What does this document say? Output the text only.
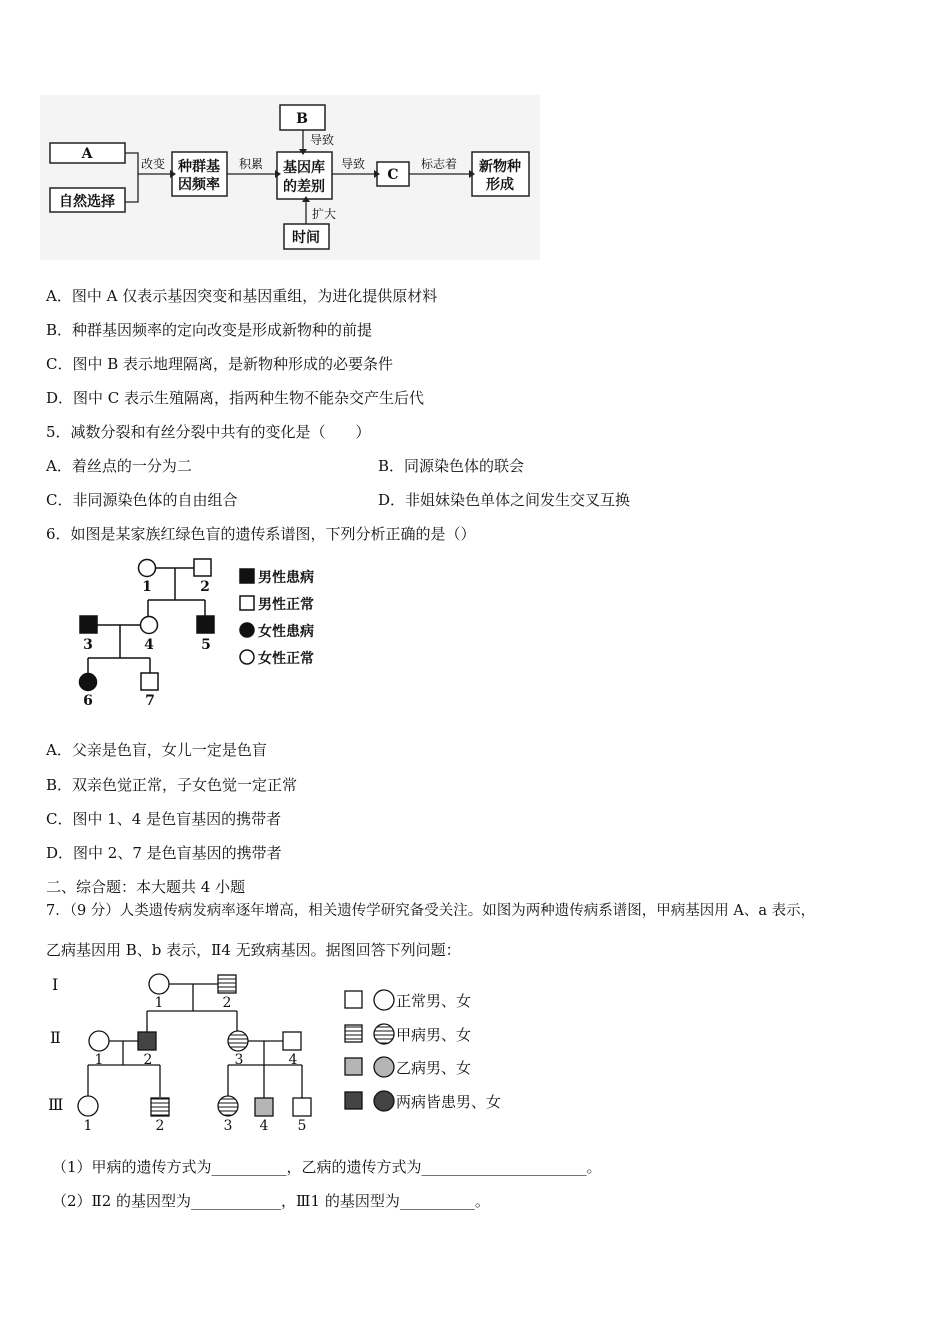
A
自然选择
种群基
因频率
B
基因库
的差别
时间
C	新物种
形成
改变	积累
导致
扩大
导致	标志着
A．图中 A 仅表示基因突变和基因重组，为进化提供原材料
B．种群基因频率的定向改变是形成新物种的前提
C．图中 B 表示地理隔离，是新物种形成的必要条件
D．图中 C 表示生殖隔离，指两种生物不能杂交产生后代
5．减数分裂和有丝分裂中共有的变化是（　　）
A．着丝点的一分为二	B．同源染色体的联会
C．非同源染色体的自由组合	D．非姐妹染色单体之间发生交叉互换
6．如图是某家族红绿色盲的遗传系谱图，下列分析正确的是（）
1	2
3	4	5
6	7
男性患病
男性正常
女性患病
女性正常
A．父亲是色盲，女儿一定是色盲
B．双亲色觉正常，子女色觉一定正常
C．图中 1、4 是色盲基因的携带者
D．图中 2、7 是色盲基因的携带者
二、综合题：本大题共 4 小题
7．（9 分）人类遗传病发病率逐年增高，相关遗传学研究备受关注。如图为两种遗传病系谱图，甲病基因用 A、a 表示，
乙病基因用 B、b 表示，Ⅱ4 无致病基因。据图回答下列问题：
Ⅰ
Ⅱ
Ⅲ
1	2
1	2	3	4
1	2	3 4 5
正常男、女
甲病男、女
乙病男、女
两病皆患男、女
（1）甲病的遗传方式为__________，乙病的遗传方式为______________________。
（2）Ⅱ2 的基因型为____________，Ⅲ1 的基因型为__________。
